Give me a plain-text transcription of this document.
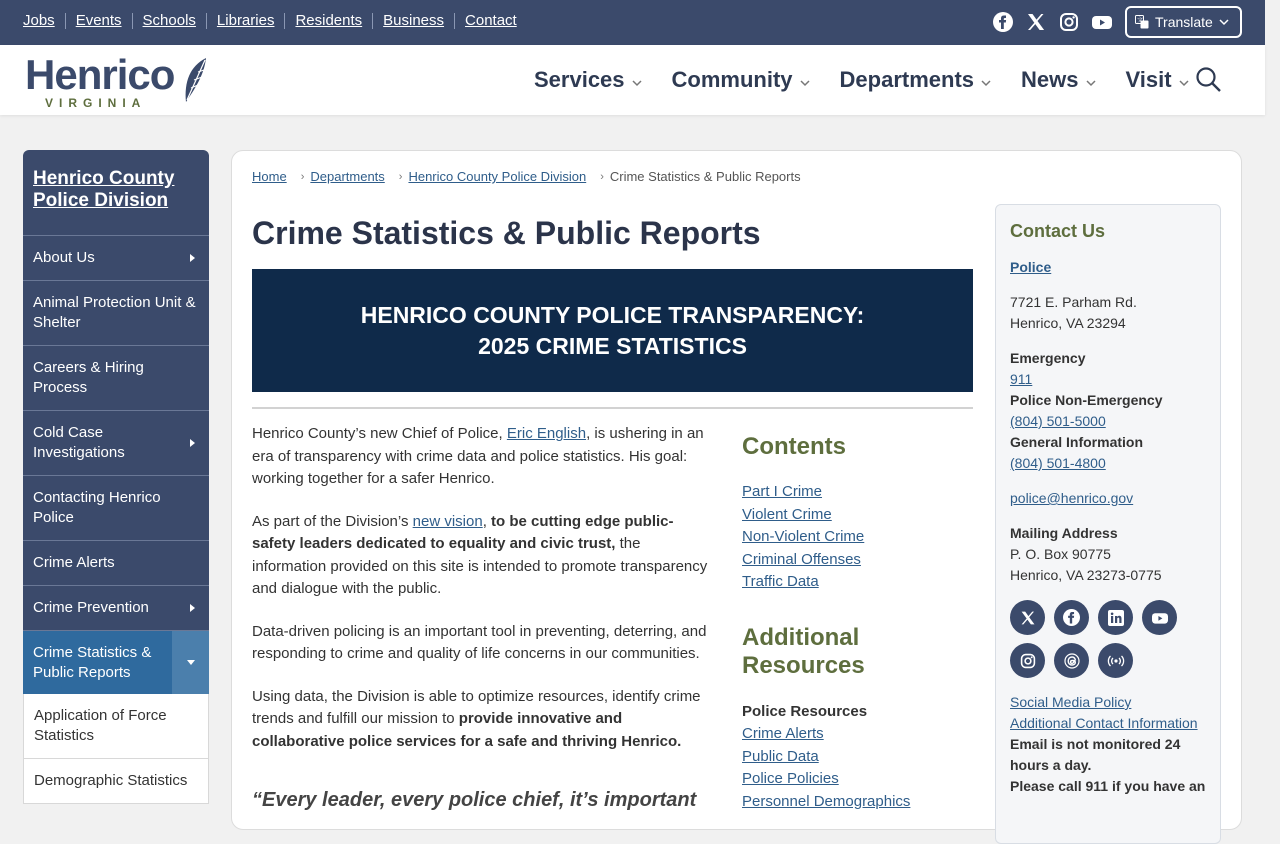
Jobs Events Schools Libraries Residents Business Contact	文 Translate
Henrico
VIRGINIA
Services Community Departments News Visit
Henrico County Police Division
About Us
Animal Protection Unit & Shelter
Careers & Hiring Process
Cold Case Investigations
Contacting Henrico Police
Crime Alerts
Crime Prevention
Crime Statistics & Public Reports
Application of Force Statistics
Demographic Statistics
Home › Departments › Henrico County Police Division › Crime Statistics & Public Reports
Crime Statistics & Public Reports
HENRICO COUNTY POLICE TRANSPARENCY:
2025 CRIME STATISTICS

Henrico County’s new Chief of Police, Eric English, is ushering in an era of transparency with crime data and police statistics. His goal: working together for a safer Henrico.

As part of the Division’s new vision, to be cutting edge public-safety leaders dedicated to equality and civic trust, the information provided on this site is intended to promote transparency and dialogue with the public.

Data-driven policing is an important tool in preventing, deterring, and responding to crime and quality of life concerns in our communities.

Using data, the Division is able to optimize resources, identify crime trends and fulfill our mission to provide innovative and collaborative police services for a safe and thriving Henrico.

“Every leader, every police chief, it’s important
Contents
Part I Crime
Violent Crime
Non-Violent Crime
Criminal Offenses
Traffic Data
Additional Resources
Police Resources
Crime Alerts
Public Data
Police Policies
Personnel Demographics
Contact Us
Police
7721 E. Parham Rd.
Henrico, VA 23294
Emergency
911
Police Non-Emergency
(804) 501-5000
General Information
(804) 501-4800
police@henrico.gov
Mailing Address
P. O. Box 90775
Henrico, VA 23273-0775
Social Media Policy
Additional Contact Information
Email is not monitored 24 hours a day.
Please call 911 if you have an
